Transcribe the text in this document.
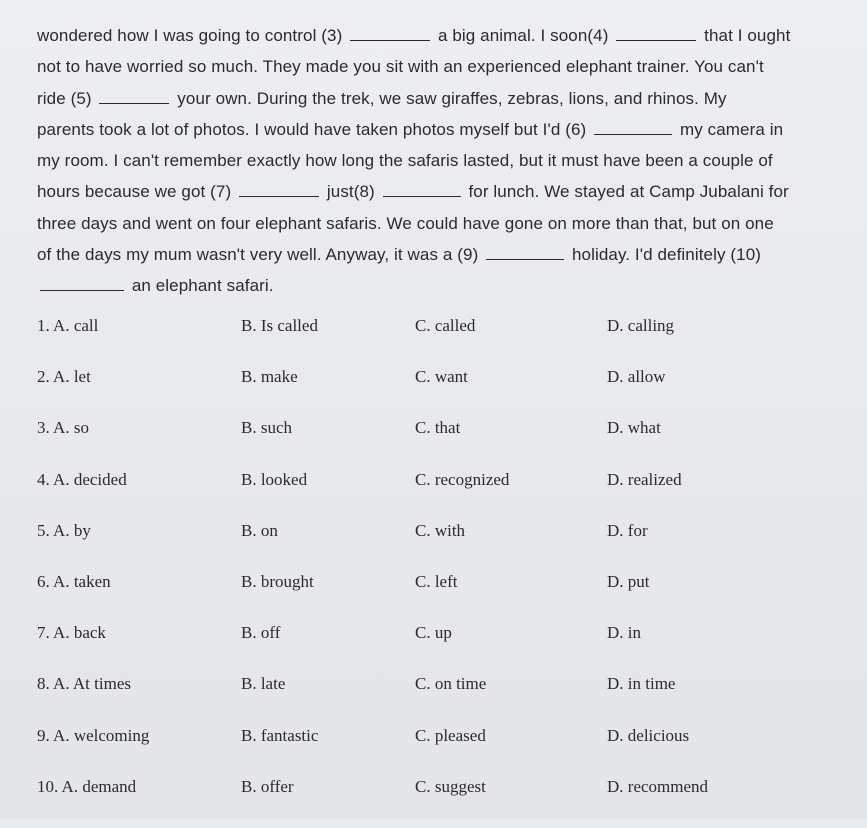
wondered how I was going to control (3)	a big animal. I soon(4)	that I ought
not to have worried so much. They made you sit with an experienced elephant trainer. You can't
ride (5)	your own. During the trek, we saw giraffes, zebras, lions, and rhinos. My
parents took a lot of photos. I would have taken photos myself but I'd (6)	my camera in
my room. I can't remember exactly how long the safaris lasted, but it must have been a couple of
hours because we got (7)	just(8)	for lunch. We stayed at Camp Jubalani for
three days and went on four elephant safaris. We could have gone on more than that, but on one
of the days my mum wasn't very well. Anyway, it was a (9)	holiday. I'd definitely (10)
an elephant safari.
1. A. call	B. Is called	C. called	D. calling
2. A. let	B. make	C. want	D. allow
3. A. so	B. such	C. that	D. what
4. A. decided	B. looked	C. recognized	D. realized
5. A. by	B. on	C. with	D. for
6. A. taken	B. brought	C. left	D. put
7. A. back	B. off	C. up	D. in
8. A. At times	B. late	C. on time	D. in time
9. A. welcoming	B. fantastic	C. pleased	D. delicious
10. A. demand	B. offer	C. suggest	D. recommend
